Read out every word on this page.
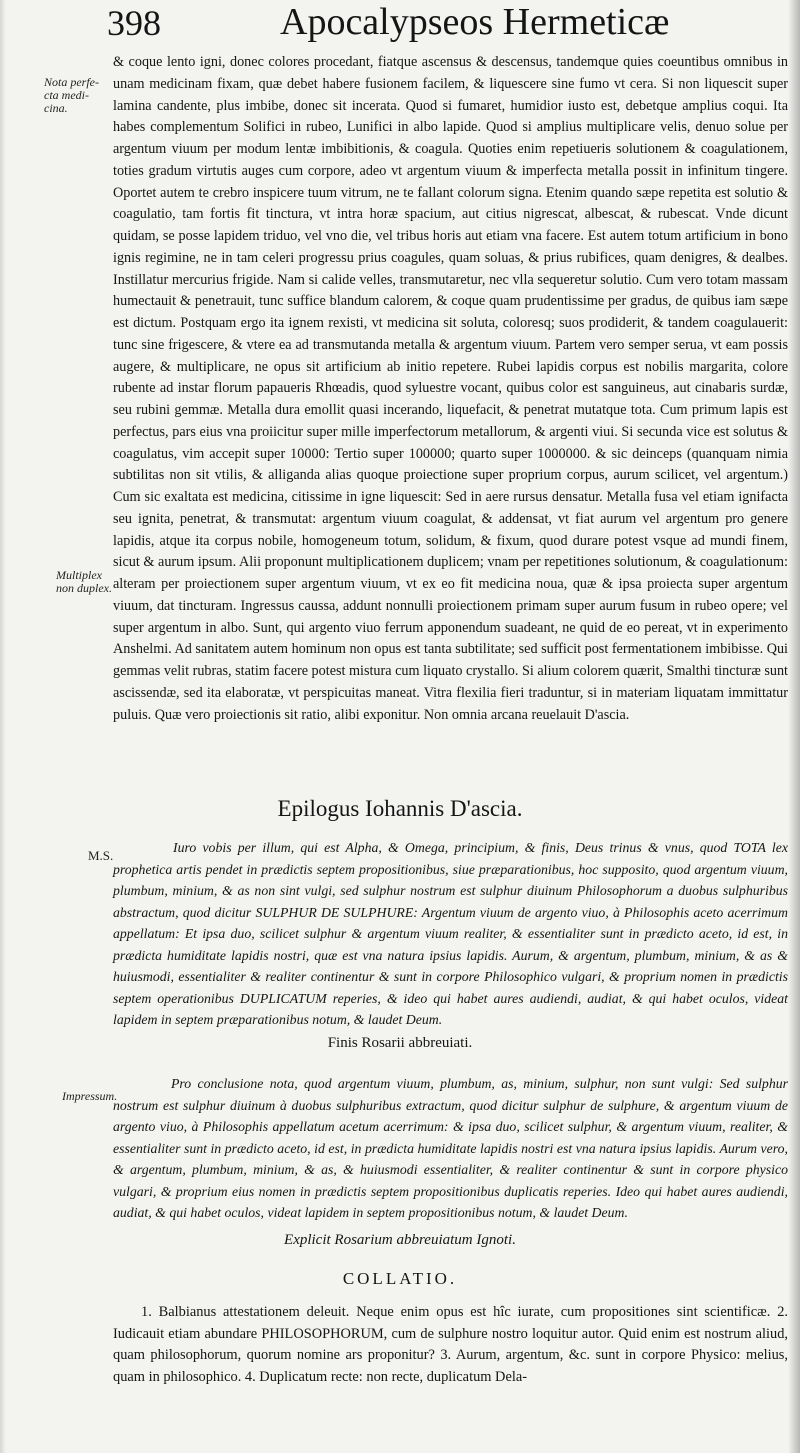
398	Apocalypseos Hermeticæ
Nota perfe-
cta medi-
cina.
Multiplex
non duplex.
M.S.
Impressum.

& coque lento igni, donec colores procedant, fiatque ascensus & descensus, tandemque quies coeuntibus omnibus in unam medicinam fixam, quæ debet habere fusionem facilem, & liquescere sine fumo vt cera. Si non liquescit super lamina candente, plus imbibe, donec sit incerata. Quod si fumaret, humidior iusto est, debetque amplius coqui. Ita habes complementum Solifici in rubeo, Lunifici in albo lapide. Quod si amplius multiplicare velis, denuo solue per argentum viuum per modum lentæ imbibitionis, & coagula. Quoties enim repetiueris solutionem & coagulationem, toties gradum virtutis auges cum corpore, adeo vt argentum viuum & imperfecta metalla possit in infinitum tingere. Oportet autem te crebro inspicere tuum vitrum, ne te fallant colorum signa. Etenim quando sæpe repetita est solutio & coagulatio, tam fortis fit tinctura, vt intra horæ spacium, aut citius nigrescat, albescat, & rubescat. Vnde dicunt quidam, se posse lapidem triduo, vel vno die, vel tribus horis aut etiam vna facere. Est autem totum artificium in bono ignis regimine, ne in tam celeri progressu prius coagules, quam soluas, & prius rubifices, quam denigres, & dealbes. Instillatur mercurius frigide. Nam si calide velles, transmutaretur, nec vlla sequeretur solutio. Cum vero totam massam humectauit & penetrauit, tunc suffice blandum calorem, & coque quam prudentissime per gradus, de quibus iam sæpe est dictum. Postquam ergo ita ignem rexisti, vt medicina sit soluta, coloresq; suos prodiderit, & tandem coagulauerit: tunc sine frigescere, & vtere ea ad transmutanda metalla & argentum viuum. Partem vero semper serua, vt eam possis augere, & multiplicare, ne opus sit artificium ab initio repetere. Rubei lapidis corpus est nobilis margarita, colore rubente ad instar florum papaueris Rhœadis, quod syluestre vocant, quibus color est sanguineus, aut cinabaris surdæ, seu rubini gemmæ. Metalla dura emollit quasi incerando, liquefacit, & penetrat mutatque tota. Cum primum lapis est perfectus, pars eius vna proiicitur super mille imperfectorum metallorum, & argenti viui. Si secunda vice est solutus & coagulatus, vim accepit super 10000: Tertio super 100000; quarto super 1000000. & sic deinceps (quanquam nimia subtilitas non sit vtilis, & alliganda alias quoque proiectione super proprium corpus, aurum scilicet, vel argentum.) Cum sic exaltata est medicina, citissime in igne liquescit: Sed in aere rursus densatur. Metalla fusa vel etiam ignifacta seu ignita, penetrat, & transmutat: argentum viuum coagulat, & addensat, vt fiat aurum vel argentum pro genere lapidis, atque ita corpus nobile, homogeneum totum, solidum, & fixum, quod durare potest vsque ad mundi finem, sicut & aurum ipsum. Alii proponunt multiplicationem duplicem; vnam per repetitiones solutionum, & coagulationum: alteram per proiectionem super argentum viuum, vt ex eo fit medicina noua, quæ & ipsa proiecta super argentum viuum, dat tincturam. Ingressus caussa, addunt nonnulli proiectionem primam super aurum fusum in rubeo opere; vel super argentum in albo. Sunt, qui argento viuo ferrum apponendum suadeant, ne quid de eo pereat, vt in experimento Anshelmi. Ad sanitatem autem hominum non opus est tanta subtilitate; sed sufficit post fermentationem imbibisse. Qui gemmas velit rubras, statim facere potest mistura cum liquato crystallo. Si alium colorem quærit, Smalthi tincturæ sunt ascissendæ, sed ita elaboratæ, vt perspicuitas maneat. Vitra flexilia fieri traduntur, si in materiam liquatam immittatur puluis. Quæ vero proiectionis sit ratio, alibi exponitur. Non omnia arcana reuelauit D'ascia.

Epilogus Iohannis D'ascia.

Iuro vobis per illum, qui est Alpha, & Omega, principium, & finis, Deus trinus & vnus, quod TOTA lex prophetica artis pendet in prædictis septem propositionibus, siue præparationibus, hoc supposito, quod argentum viuum, plumbum, minium, & as non sint vulgi, sed sulphur nostrum est sulphur diuinum Philosophorum a duobus sulphuribus abstractum, quod dicitur SULPHUR DE SULPHURE: Argentum viuum de argento viuo, à Philosophis aceto acerrimum appellatum: Et ipsa duo, scilicet sulphur & argentum viuum realiter, & essentialiter sunt in prædicto aceto, id est, in prædicta humiditate lapidis nostri, quæ est vna natura ipsius lapidis. Aurum, & argentum, plumbum, minium, & as & huiusmodi, essentialiter & realiter continentur & sunt in corpore Philosophico vulgari, & proprium nomen in prædictis septem operationibus DUPLICATUM reperies, & ideo qui habet aures audiendi, audiat, & qui habet oculos, videat lapidem in septem præparationibus notum, & laudet Deum.

Finis Rosarii abbreuiati.

Pro conclusione nota, quod argentum viuum, plumbum, as, minium, sulphur, non sunt vulgi: Sed sulphur nostrum est sulphur diuinum à duobus sulphuribus extractum, quod dicitur sulphur de sulphure, & argentum viuum de argento viuo, à Philosophis appellatum acetum acerrimum: & ipsa duo, scilicet sulphur, & argentum viuum, realiter, & essentialiter sunt in prædicto aceto, id est, in prædicta humiditate lapidis nostri est vna natura ipsius lapidis. Aurum vero, & argentum, plumbum, minium, & as, & huiusmodi essentialiter, & realiter continentur & sunt in corpore physico vulgari, & proprium eius nomen in prædictis septem propositionibus duplicatis reperies. Ideo qui habet aures audiendi, audiat, & qui habet oculos, videat lapidem in septem propositionibus notum, & laudet Deum.

Explicit Rosarium abbreuiatum Ignoti.
COLLATIO.

1. Balbianus attestationem deleuit. Neque enim opus est hîc iurate, cum propositiones sint scientificæ. 2. Iudicauit etiam abundare PHILOSOPHORUM, cum de sulphure nostro loquitur autor. Quid enim est nostrum aliud, quam philosophorum, quorum nomine ars proponitur? 3. Aurum, argentum, &c. sunt in corpore Physico: melius, quam in philosophico. 4. Duplicatum recte: non recte, duplicatum Dela-
